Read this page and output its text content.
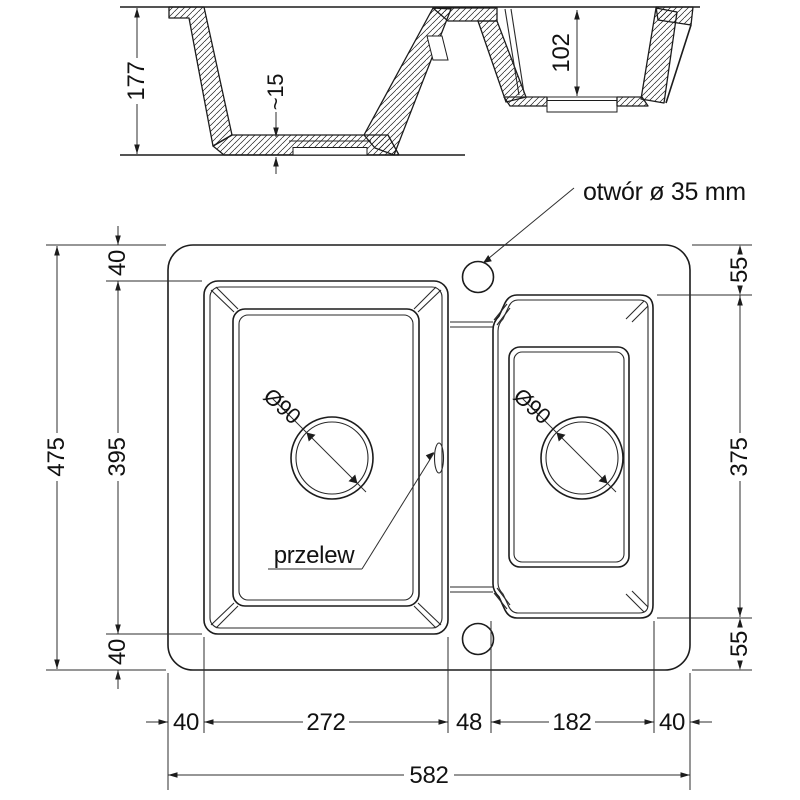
177	~15
102
Ø90	Ø90
przelew
otwór ø 35 mm
475
40
395
40
55
375
55
40	272	48	182	40
582
